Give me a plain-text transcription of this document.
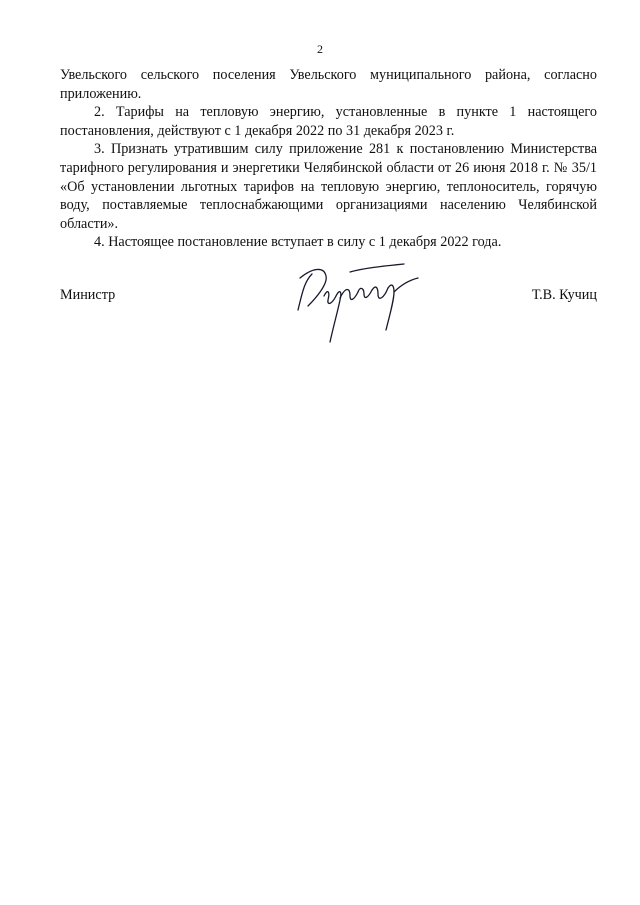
2

Увельского сельского поселения Увельского муниципального района, согласно приложению.

2. Тарифы на тепловую энергию, установленные в пункте 1 настоящего постановления, действуют с 1 декабря 2022 по 31 декабря 2023 г.

3. Признать утратившим силу приложение 281 к постановлению Министерства тарифного регулирования и энергетики Челябинской области от 26 июня 2018 г. № 35/1 «Об установлении льготных тарифов на тепловую энергию, теплоноситель, горячую воду, поставляемые теплоснабжающими организациями населению Челябинской области».

4. Настоящее постановление вступает в силу с 1 декабря 2022 года.

Министр	Т.В. Кучиц
